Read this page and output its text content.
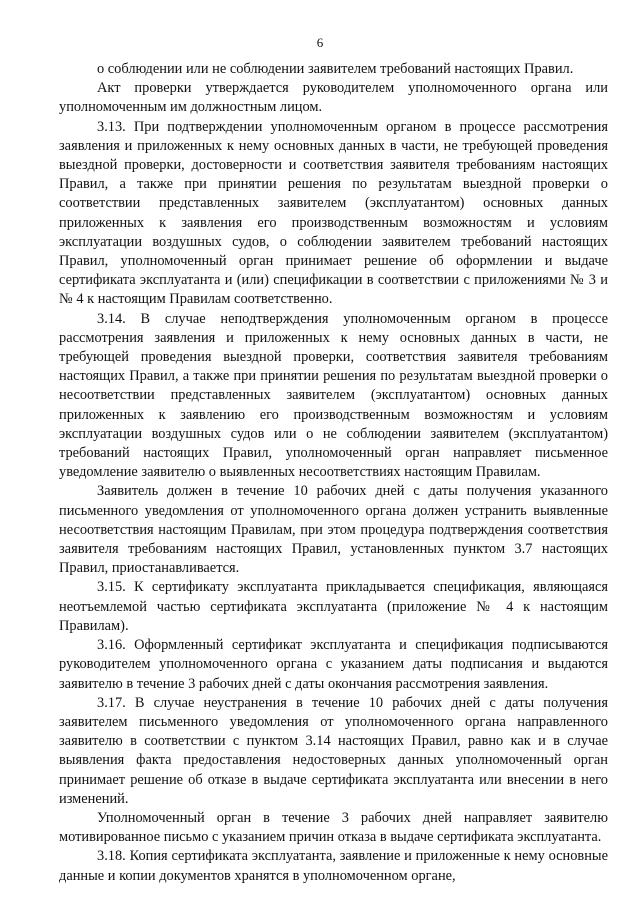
6

о соблюдении или не соблюдении заявителем требований настоящих Правил.

Акт проверки утверждается руководителем уполномоченного органа или уполномоченным им должностным лицом.

3.13. При подтверждении уполномоченным органом в процессе рассмотрения заявления и приложенных к нему основных данных в части, не требующей проведения выездной проверки, достоверности и соответствия заявителя требованиям настоящих Правил, а также при принятии решения по результатам выездной проверки о соответствии представленных заявителем (эксплуатантом) основных данных приложенных к заявления его производственным возможностям и условиям эксплуатации воздушных судов, о соблюдении заявителем требований настоящих Правил, уполномоченный орган принимает решение об оформлении и выдаче сертификата эксплуатанта и (или) спецификации в соответствии с приложениями № 3 и № 4 к настоящим Правилам соответственно.

3.14. В случае неподтверждения уполномоченным органом в процессе рассмотрения заявления и приложенных к нему основных данных в части, не требующей проведения выездной проверки, соответствия заявителя требованиям настоящих Правил, а также при принятии решения по результатам выездной проверки о несоответствии представленных заявителем (эксплуатантом) основных данных приложенных к заявлению его производственным возможностям и условиям эксплуатации воздушных судов или о не соблюдении заявителем (эксплуатантом) требований настоящих Правил, уполномоченный орган направляет письменное уведомление заявителю о выявленных несоответствиях настоящим Правилам.

Заявитель должен в течение 10 рабочих дней с даты получения указанного письменного уведомления от уполномоченного органа должен устранить выявленные несоответствия настоящим Правилам, при этом процедура подтверждения соответствия заявителя требованиям настоящих Правил, установленных пунктом 3.7 настоящих Правил, приостанавливается.

3.15. К сертификату эксплуатанта прикладывается спецификация, являющаяся неотъемлемой частью сертификата эксплуатанта (приложение № 4 к настоящим Правилам).

3.16. Оформленный сертификат эксплуатанта и спецификация подписываются руководителем уполномоченного органа с указанием даты подписания и выдаются заявителю в течение 3 рабочих дней с даты окончания рассмотрения заявления.

3.17. В случае неустранения в течение 10 рабочих дней с даты получения заявителем письменного уведомления от уполномоченного органа направленного заявителю в соответствии с пунктом 3.14 настоящих Правил, равно как и в случае выявления факта предоставления недостоверных данных уполномоченный орган принимает решение об отказе в выдаче сертификата эксплуатанта или внесении в него изменений.

Уполномоченный орган в течение 3 рабочих дней направляет заявителю мотивированное письмо с указанием причин отказа в выдаче сертификата эксплуатанта.

3.18. Копия сертификата эксплуатанта, заявление и приложенные к нему основные данные и копии документов хранятся в уполномоченном органе,
